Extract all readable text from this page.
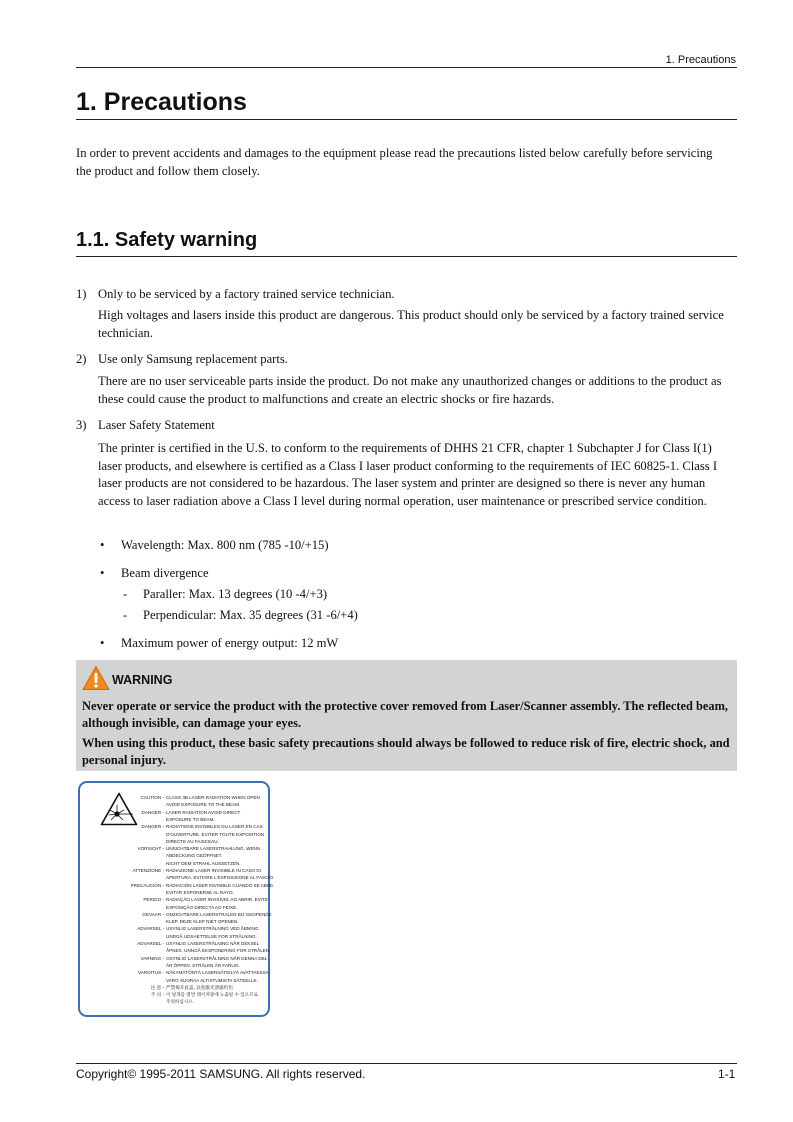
1. Precautions
1. Precautions

In order to prevent accidents and damages to the equipment please read the precautions listed below carefully before servicing the product and follow them closely.

1.1. Safety warning
1) Only to be serviced by a factory trained service technician.

High voltages and lasers inside this product are dangerous. This product should only be serviced by a factory trained service technician.

2) Use only Samsung replacement parts.

There are no user serviceable parts inside the product. Do not make any unauthorized changes or additions to the product as these could cause the product to malfunctions and create an electric shocks or fire hazards.

3) Laser Safety Statement

The printer is certified in the U.S. to conform to the requirements of DHHS 21 CFR, chapter 1 Subchapter J for Class I(1) laser products, and elsewhere is certified as a Class I laser product conforming to the requirements of IEC 60825-1. Class I laser products are not considered to be hazardous. The laser system and printer are designed so there is never any human access to laser radiation above a Class I level during normal operation, user maintenance or prescribed service condition.

• Wavelength: Max. 800 nm (785 -10/+15)
• Beam divergence
- Paraller: Max. 13 degrees (10 -4/+3)
- Perpendicular: Max. 35 degrees (31 -6/+4)
• Maximum power of energy output: 12 mW
WARNING

Never operate or service the product with the protective cover removed from Laser/Scanner assembly. The reflected beam, although invisible, can damage your eyes.

When using this product, these basic safety precautions should always be followed to reduce risk of fire, electric shock, and personal injury.

CAUTION - CLASS 3B LASER RADIATION WHEN OPEN
AVOID EXPOSURE TO THE BEAM.
DANGER - LASER RADIATION AVOID DIRECT
EXPOSURE TO BEAM.
DANGER - RADIATIONS INVISIBLES DU LASER EN CAS
D'OUVERTURE. EVITER TOUTE EXPOSITION
DIRECTE AU FAISCEAU.
VORSICHT - UNSICHTBARE LASERSTRAHLUNG, WENN
ABDECKUNG GEÖFFNET.
NICHT DEM STRAHL AUSSETZEN.
ATTENZIONE - RADIAZIONE LASER INVISIBILE IN CASO DI
APERTURA. EVITARE L'ESPOSIZIONE AL FASCIO.
PRECAUCIÓN - RADIACIÓN LASER INVISIBLE CUANDO SE ABRE.
EVITAR EXPONERSE AL RAYO.
PERIGO - RADIAÇÃO LASER INVISÍVEL AO ABRIR. EVITE
EXPOSIÇÃO DIRECTA AO FEIXE.
GEVAAR - ONZICHTBARE LASERSTRALEN BIJ GEOPENDE
KLEP. DEZE KLEP NIET OPENEN.
ADVARSEL - USYNLIG LASERSTRÅLNING VED ÅBNING.
UNDGÅ UDSAETTELSE FOR STRÅLNING.
ADVARSEL - USYNLIG LASERSTRÅLNING NÅR DEKSEL
ÅPNES. UNNGÅ EKSPONERING FOR STRÅLEN.
VARNING - OSYNLIG LASERSTRÅLNING NÄR DENNA DEL
ÄR ÖPPEN. STRÅLEN ÄR FARLIG.
VAROITUS - NÄKYMÄTÖNTÄ LASERSÄTEILYÄ AVATTAESSA.
VARO SUORAA ALTISTUMISTA SÄTEELLE.
注 意 - 严禁揭开此盖, 以免激光泄露灼伤
주 의 - 이 덮개를 열면 레이저광에 노출될 수 있으므로
주의하십시오.
Copyright© 1995-2011 SAMSUNG. All rights reserved.	1-1
